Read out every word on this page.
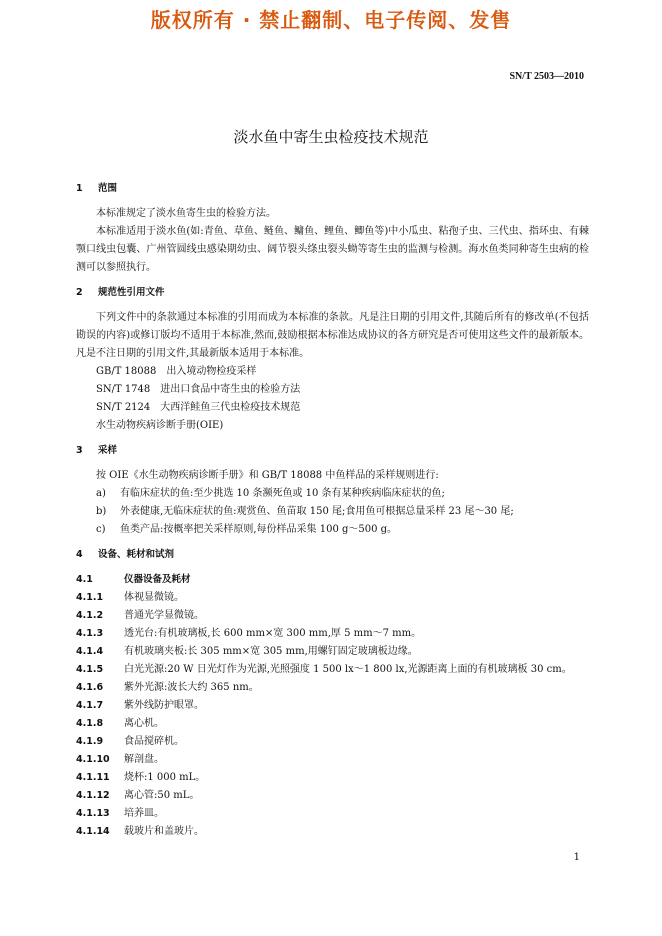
版权所有 · 禁止翻制、电子传阅、发售
SN/T 2503—2010
淡水鱼中寄生虫检疫技术规范
1	范围

本标准规定了淡水鱼寄生虫的检验方法。

本标准适用于淡水鱼(如:青鱼、草鱼、鲢鱼、鳙鱼、鲤鱼、鲫鱼等)中小瓜虫、粘孢子虫、三代虫、指环虫、有棘颚口线虫包囊、广州管圆线虫感染期幼虫、阔节裂头绦虫裂头蚴等寄生虫的监测与检测。海水鱼类同种寄生虫病的检测可以参照执行。

2	规范性引用文件

下列文件中的条款通过本标准的引用而成为本标准的条款。凡是注日期的引用文件,其随后所有的修改单(不包括勘误的内容)或修订版均不适用于本标准,然而,鼓励根据本标准达成协议的各方研究是否可使用这些文件的最新版本。凡是不注日期的引用文件,其最新版本适用于本标准。

GB/T 18088　出入境动物检疫采样

SN/T 1748　进出口食品中寄生虫的检验方法

SN/T 2124　大西洋鲑鱼三代虫检疫技术规范

水生动物疾病诊断手册(OIE)

3	采样

按 OIE《水生动物疾病诊断手册》和 GB/T 18088 中鱼样品的采样规则进行:

a)	有临床症状的鱼:至少挑选 10 条濒死鱼或 10 条有某种疾病临床症状的鱼;
b)	外表健康,无临床症状的鱼:观赏鱼、鱼苗取 150 尾;食用鱼可根据总量采样 23 尾～30 尾;
c)	鱼类产品:按概率把关采样原则,每份样品采集 100 g～500 g。
4	设备、耗材和试剂

4.1	仪器设备及耗材

4.1.1 体视显微镜。

4.1.2 普通光学显微镜。

4.1.3 透光台:有机玻璃板,长 600 mm×宽 300 mm,厚 5 mm～7 mm。

4.1.4 有机玻璃夹板:长 305 mm×宽 305 mm,用螺钉固定玻璃板边缘。

4.1.5 白光光源:20 W 日光灯作为光源,光照强度 1 500 lx～1 800 lx,光源距离上面的有机玻璃板 30 cm。

4.1.6 紫外光源:波长大约 365 nm。

4.1.7 紫外线防护眼罩。

4.1.8 离心机。

4.1.9 食品搅碎机。

4.1.10 解剖盘。

4.1.11 烧杯:1 000 mL。

4.1.12 离心管:50 mL。

4.1.13 培养皿。

4.1.14 载玻片和盖玻片。

1
